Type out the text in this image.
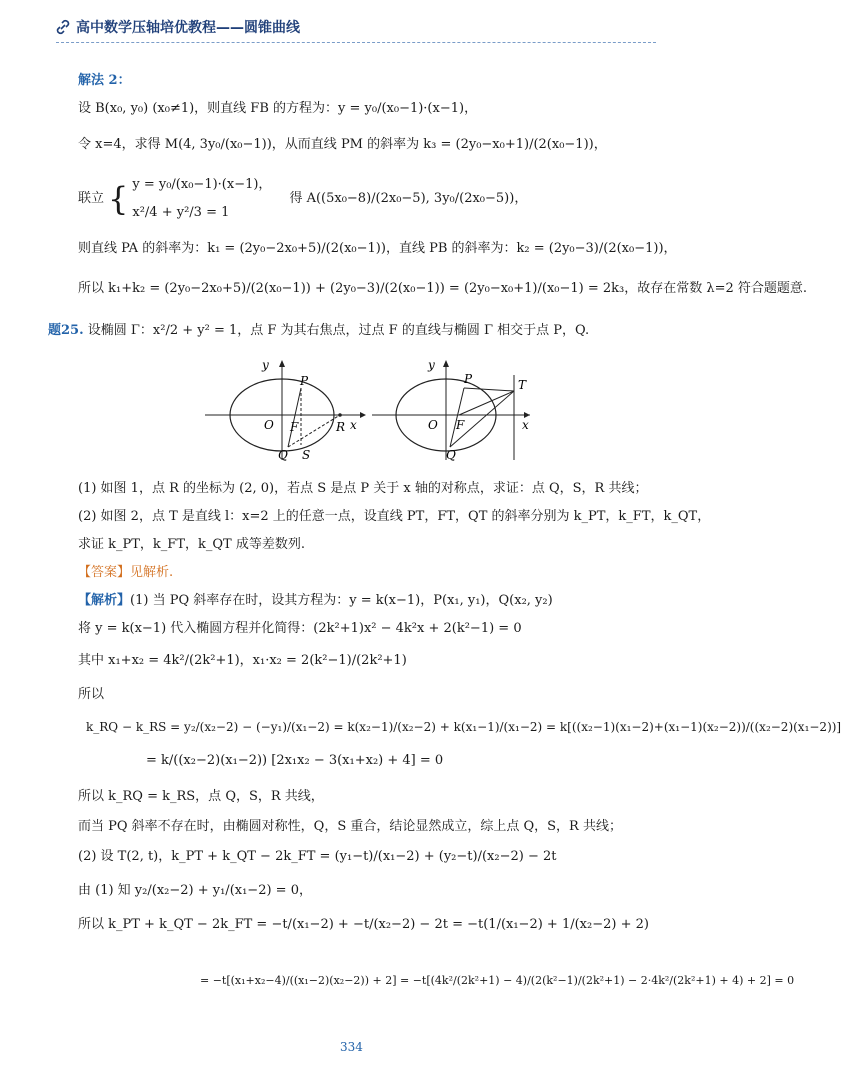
高中数学压轴培优教程——圆锥曲线
解法 2：
设 B(x₀, y₀) (x₀≠1)，则直线 FB 的方程为：y = y₀/(x₀−1)·(x−1)，
令 x=4，求得 M(4, 3y₀/(x₀−1))，从而直线 PM 的斜率为 k₃ = (2y₀−x₀+1)/(2(x₀−1))，
联立 { y = y₀/(x₀−1)·(x−1)，
x²/4 + y²/3 = 1
得 A((5x₀−8)/(2x₀−5), 3y₀/(2x₀−5))，
则直线 PA 的斜率为：k₁ = (2y₀−2x₀+5)/(2(x₀−1))，直线 PB 的斜率为：k₂ = (2y₀−3)/(2(x₀−1))，
所以 k₁+k₂ = (2y₀−2x₀+5)/(2(x₀−1)) + (2y₀−3)/(2(x₀−1)) = (2y₀−x₀+1)/(x₀−1) = 2k₃，故存在常数 λ=2 符合题题意.
题25. 设椭圆 Γ：x²/2 + y² = 1，点 F 为其右焦点，过点 F 的直线与椭圆 Γ 相交于点 P，Q.
y
x
O F
P
Q S
R
y
x
O F
P
Q
T
(1) 如图 1，点 R 的坐标为 (2, 0)，若点 S 是点 P 关于 x 轴的对称点，求证：点 Q，S，R 共线；
(2) 如图 2，点 T 是直线 l：x=2 上的任意一点，设直线 PT，FT，QT 的斜率分别为 k_PT，k_FT，k_QT，
求证 k_PT，k_FT，k_QT 成等差数列.
【答案】见解析.
【解析】(1) 当 PQ 斜率存在时，设其方程为：y = k(x−1)，P(x₁, y₁)，Q(x₂, y₂)
将 y = k(x−1) 代入椭圆方程并化简得：(2k²+1)x² − 4k²x + 2(k²−1) = 0
其中 x₁+x₂ = 4k²/(2k²+1)，x₁·x₂ = 2(k²−1)/(2k²+1)
所以
k_RQ − k_RS = y₂/(x₂−2) − (−y₁)/(x₁−2) = k(x₂−1)/(x₂−2) + k(x₁−1)/(x₁−2) = k[((x₂−1)(x₁−2)+(x₁−1)(x₂−2))/((x₂−2)(x₁−2))]
= k/((x₂−2)(x₁−2)) [2x₁x₂ − 3(x₁+x₂) + 4] = 0
所以 k_RQ = k_RS，点 Q，S，R 共线，
而当 PQ 斜率不存在时，由椭圆对称性，Q，S 重合，结论显然成立，综上点 Q，S，R 共线；
(2) 设 T(2, t)，k_PT + k_QT − 2k_FT = (y₁−t)/(x₁−2) + (y₂−t)/(x₂−2) − 2t
由 (1) 知 y₂/(x₂−2) + y₁/(x₁−2) = 0，
所以 k_PT + k_QT − 2k_FT = −t/(x₁−2) + −t/(x₂−2) − 2t = −t(1/(x₁−2) + 1/(x₂−2) + 2)
= −t[(x₁+x₂−4)/((x₁−2)(x₂−2)) + 2] = −t[(4k²/(2k²+1) − 4)/(2(k²−1)/(2k²+1) − 2·4k²/(2k²+1) + 4) + 2] = 0
334
